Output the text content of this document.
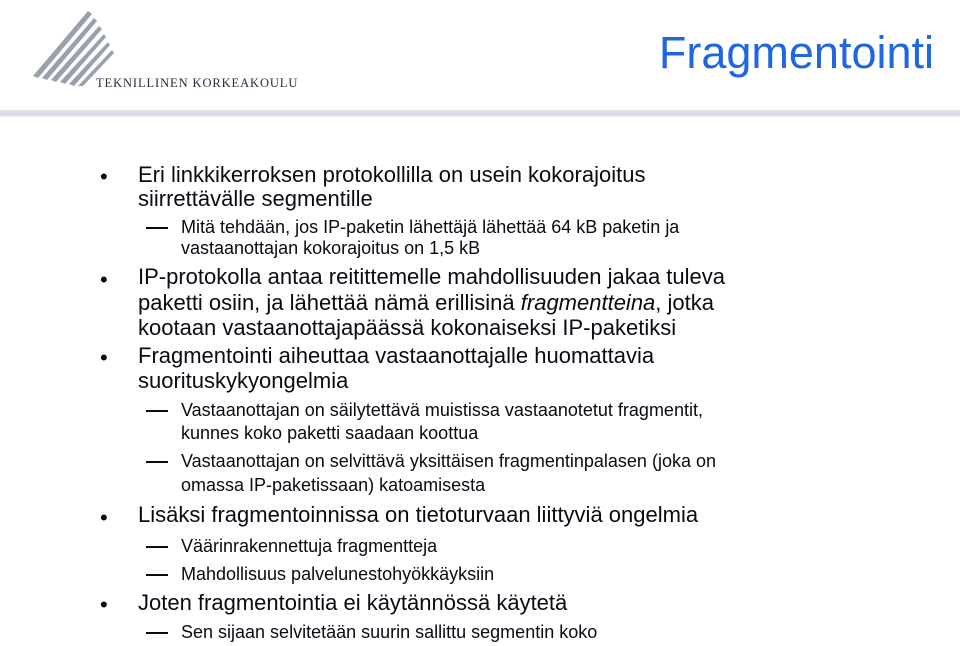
TEKNILLINEN KORKEAKOULU
Fragmentointi
• Eri linkkikerroksen protokollilla on usein kokorajoitus
siirrettävälle segmentille
Mitä tehdään, jos IP-paketin lähettäjä lähettää 64 kB paketin ja
vastaanottajan kokorajoitus on 1,5 kB
• IP-protokolla antaa reitittemelle mahdollisuuden jakaa tuleva
paketti osiin, ja lähettää nämä erillisinä fragmentteina, jotka
kootaan vastaanottajapäässä kokonaiseksi IP-paketiksi
• Fragmentointi aiheuttaa vastaanottajalle huomattavia
suorituskykyongelmia
Vastaanottajan on säilytettävä muistissa vastaanotetut fragmentit,
kunnes koko paketti saadaan koottua
Vastaanottajan on selvittävä yksittäisen fragmentinpalasen (joka on
omassa IP-paketissaan) katoamisesta
• Lisäksi fragmentoinnissa on tietoturvaan liittyviä ongelmia
Väärinrakennettuja fragmentteja
Mahdollisuus palvelunestohyökkäyksiin
• Joten fragmentointia ei käytännössä käytetä
Sen sijaan selvitetään suurin sallittu segmentin koko
